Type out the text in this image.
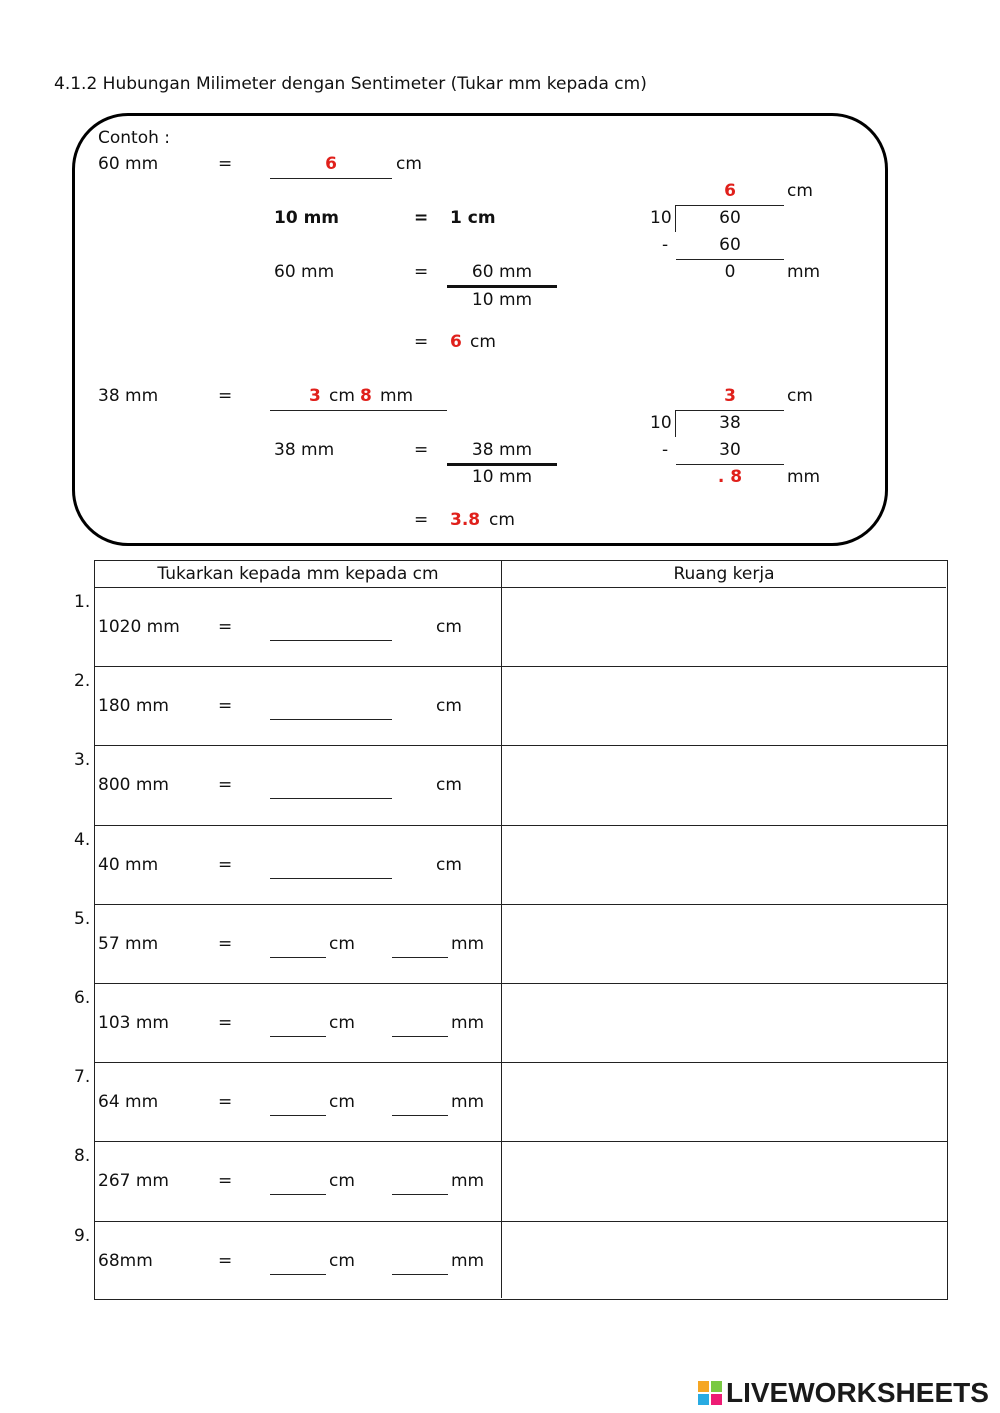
4.1.2 Hubungan Milimeter dengan Sentimeter (Tukar mm kepada cm)
Contoh :
60 mm	=	6	cm
10 mm	= 1 cm
60 mm	=	60 mm
10 mm
= 6 cm
6	cm
10	60
-	60
0	mm
38 mm	=	3 cm 8 mm
38 mm	=	38 mm
10 mm
= 3.8 cm
3	cm
10	38
-	30
. 8	mm
Tukarkan kepada mm kepada cm	Ruang kerja
1.
1020 mm =	cm
2.
180 mm	=	cm
3.
800 mm	=	cm
4.
40 mm	=	cm
5.
57 mm	=	cm	mm
6.
103 mm	=	cm	mm
7.
64 mm	=	cm	mm
8.
267 mm	=	cm	mm
9.
68mm	=	cm	mm
LIVEWORKSHEETS
